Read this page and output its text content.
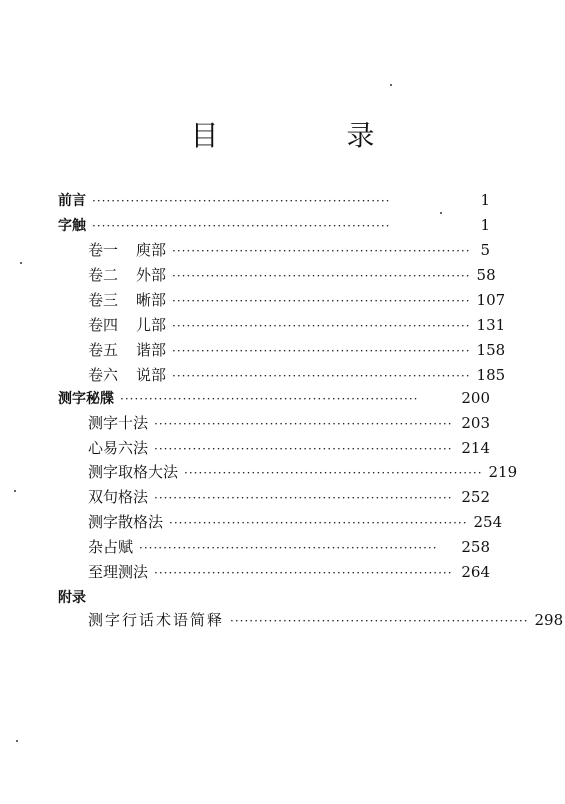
目　录
前言 ······························································	1
字触 ······························································	1
卷一 庾部 ······························································ 5
卷二 外部 ······························································ 58
卷三 晰部 ······························································ 107
卷四 儿部 ······························································ 131
卷五 谐部 ······························································ 158
卷六 说部 ······························································ 185
测字秘牒 ······························································	200
测字十法 ······························································ 203
心易六法 ······························································ 214
测字取格大法 ······························································ 219
双句格法 ······························································ 252
测字散格法 ······························································ 254
杂占赋 ······························································	258
至理测法 ······························································ 264
附录
测字行话术语简释 ······························································ 298
